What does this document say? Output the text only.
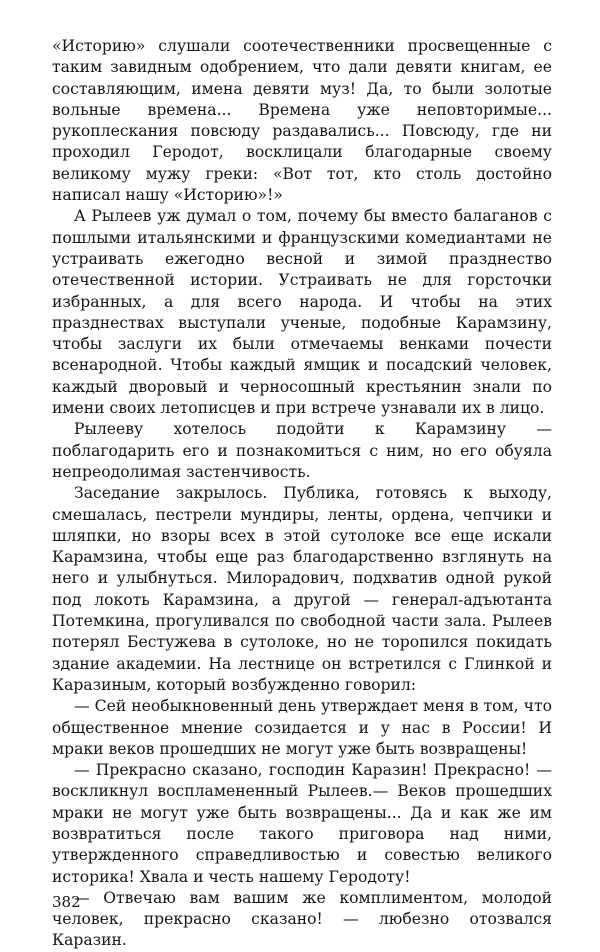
«Историю» слушали соотечественники просвещенные с таким завидным одобрением, что дали девяти книгам, ее составляющим, имена девяти муз! Да, то были золотые вольные времена... Времена уже неповторимые... рукоплескания повсюду раздавались... Повсюду, где ни проходил Геродот, восклицали благодарные своему великому мужу греки: «Вот тот, кто столь достойно написал нашу «Историю»!»

А Рылеев уж думал о том, почему бы вместо балаганов с пошлыми итальянскими и французскими комедиантами не устраивать ежегодно весной и зимой празднество отечественной истории. Устраивать не для горсточки избранных, а для всего народа. И чтобы на этих празднествах выступали ученые, подобные Карамзину, чтобы заслуги их были отмечаемы венками почести всенародной. Чтобы каждый ямщик и посадский человек, каждый дворовый и черносошный крестьянин знали по имени своих летописцев и при встрече узнавали их в лицо.

Рылееву хотелось подойти к Карамзину — поблагодарить его и познакомиться с ним, но его обуяла непреодолимая застенчивость.

Заседание закрылось. Публика, готовясь к выходу, смешалась, пестрели мундиры, ленты, ордена, чепчики и шляпки, но взоры всех в этой сутолоке все еще искали Карамзина, чтобы еще раз благодарственно взглянуть на него и улыбнуться. Милорадович, подхватив одной рукой под локоть Карамзина, а другой — генерал-адъютанта Потемкина, прогуливался по свободной части зала. Рылеев потерял Бестужева в сутолоке, но не торопился покидать здание академии. На лестнице он встретился с Глинкой и Каразиным, который возбужденно говорил:

— Сей необыкновенный день утверждает меня в том, что общественное мнение созидается и у нас в России! И мраки веков прошедших не могут уже быть возвращены!

— Прекрасно сказано, господин Каразин! Прекрасно! — воскликнул воспламененный Рылеев.— Веков прошедших мраки не могут уже быть возвращены... Да и как же им возвратиться после такого приговора над ними, утвержденного справедливостью и совестью великого историка! Хвала и честь нашему Геродоту!

— Отвечаю вам вашим же комплиментом, молодой человек, прекрасно сказано! — любезно отозвался Каразин.

382
